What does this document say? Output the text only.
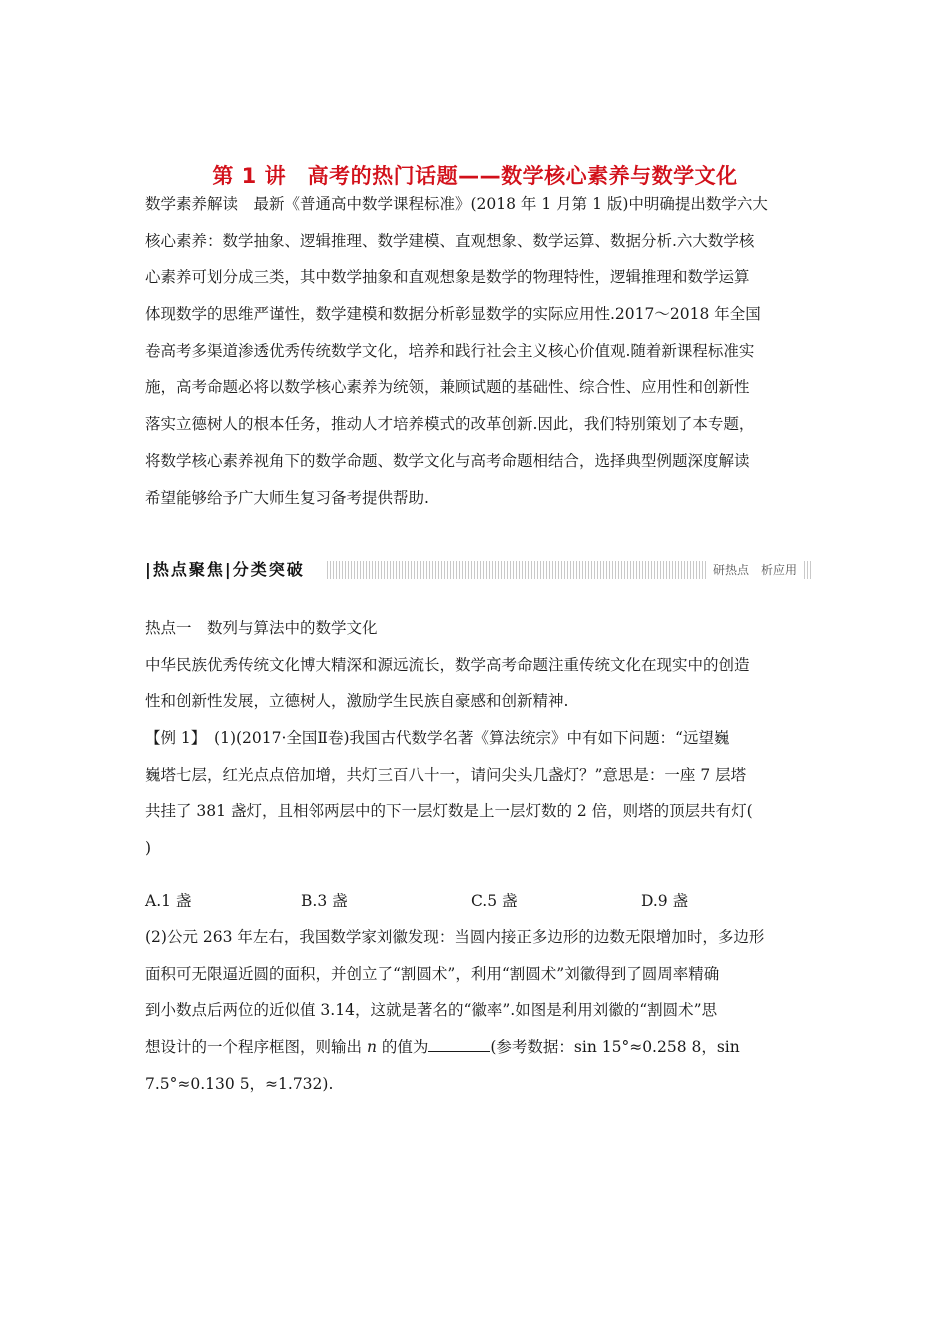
第 1 讲　高考的热门话题——数学核心素养与数学文化
数学素养解读　最新《普通高中数学课程标准》(2018 年 1 月第 1 版)中明确提出数学六大
核心素养：数学抽象、逻辑推理、数学建模、直观想象、数学运算、数据分析.六大数学核
心素养可划分成三类，其中数学抽象和直观想象是数学的物理特性，逻辑推理和数学运算
体现数学的思维严谨性，数学建模和数据分析彰显数学的实际应用性.2017～2018 年全国
卷高考多渠道渗透优秀传统数学文化，培养和践行社会主义核心价值观.随着新课程标准实
施，高考命题必将以数学核心素养为统领，兼顾试题的基础性、综合性、应用性和创新性
落实立德树人的根本任务，推动人才培养模式的改革创新.因此，我们特别策划了本专题，
将数学核心素养视角下的数学命题、数学文化与高考命题相结合，选择典型例题深度解读
希望能够给予广大师生复习备考提供帮助.
|热点聚焦|分类突破	研热点　析应用
热点一　数列与算法中的数学文化
中华民族优秀传统文化博大精深和源远流长，数学高考命题注重传统文化在现实中的创造
性和创新性发展，立德树人，激励学生民族自豪感和创新精神.
【例 1】　(1)(2017·全国Ⅱ卷)我国古代数学名著《算法统宗》中有如下问题：“远望巍
巍塔七层，红光点点倍加增，共灯三百八十一，请问尖头几盏灯？”意思是：一座 7 层塔
共挂了 381 盏灯，且相邻两层中的下一层灯数是上一层灯数的 2 倍，则塔的顶层共有灯(
)
A.1 盏	B.3 盏	C.5 盏	D.9 盏
(2)公元 263 年左右，我国数学家刘徽发现：当圆内接正多边形的边数无限增加时，多边形
面积可无限逼近圆的面积，并创立了“割圆术”，利用“割圆术”刘徽得到了圆周率精确
到小数点后两位的近似值 3.14，这就是著名的“徽率”.如图是利用刘徽的“割圆术”思
想设计的一个程序框图，则输出 n 的值为	(参考数据：sin 15°≈0.258 8，sin
7.5°≈0.130 5，≈1.732).
